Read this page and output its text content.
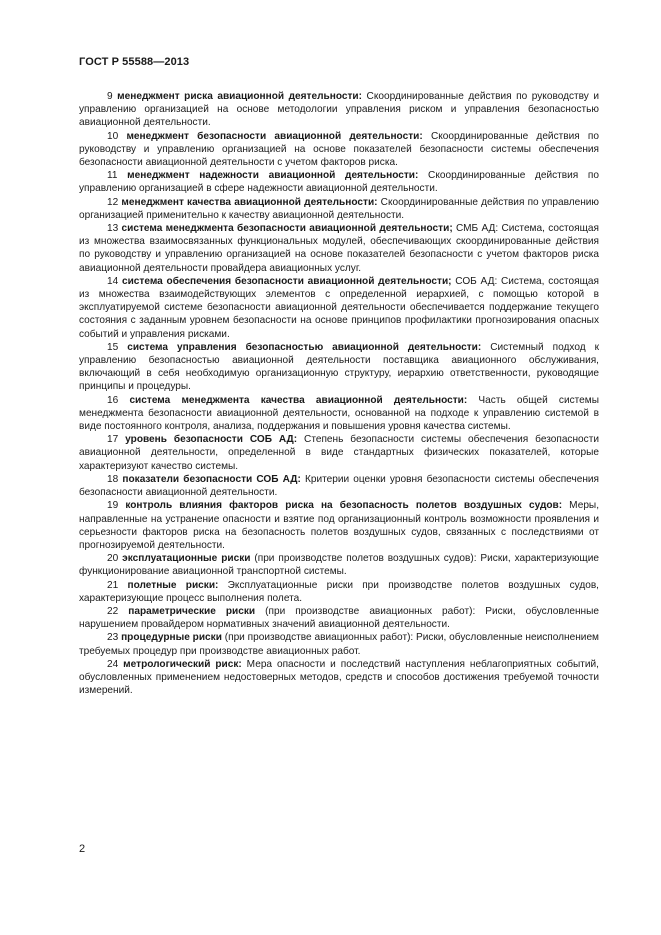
ГОСТ Р 55588—2013

9 менеджмент риска авиационной деятельности: Скоординированные действия по руководству и управлению организацией на основе методологии управления риском и управления безопасностью авиационной деятельности.

10 менеджмент безопасности авиационной деятельности: Скоординированные действия по руководству и управлению организацией на основе показателей безопасности системы обеспечения безопасности авиационной деятельности с учетом факторов риска.

11 менеджмент надежности авиационной деятельности: Скоординированные действия по управлению организацией в сфере надежности авиационной деятельности.

12 менеджмент качества авиационной деятельности: Скоординированные действия по управлению организацией применительно к качеству авиационной деятельности.

13 система менеджмента безопасности авиационной деятельности; СМБ АД: Система, состоящая из множества взаимосвязанных функциональных модулей, обеспечивающих скоординированные действия по руководству и управлению организацией на основе показателей безопасности с учетом факторов риска авиационной деятельности провайдера авиационных услуг.

14 система обеспечения безопасности авиационной деятельности; СОБ АД: Система, состоящая из множества взаимодействующих элементов с определенной иерархией, с помощью которой в эксплуатируемой системе безопасности авиационной деятельности обеспечивается поддержание текущего состояния с заданным уровнем безопасности на основе принципов профилактики прогнозирования опасных событий и управления рисками.

15 система управления безопасностью авиационной деятельности: Системный подход к управлению безопасностью авиационной деятельности поставщика авиационного обслуживания, включающий в себя необходимую организационную структуру, иерархию ответственности, руководящие принципы и процедуры.

16 система менеджмента качества авиационной деятельности: Часть общей системы менеджмента безопасности авиационной деятельности, основанной на подходе к управлению системой в виде постоянного контроля, анализа, поддержания и повышения уровня качества системы.

17 уровень безопасности СОБ АД: Степень безопасности системы обеспечения безопасности авиационной деятельности, определенной в виде стандартных физических показателей, которые характеризуют качество системы.

18 показатели безопасности СОБ АД: Критерии оценки уровня безопасности системы обеспечения безопасности авиационной деятельности.

19 контроль влияния факторов риска на безопасность полетов воздушных судов: Меры, направленные на устранение опасности и взятие под организационный контроль возможности проявления и серьезности факторов риска на безопасность полетов воздушных судов, связанных с последствиями от прогнозируемой деятельности.

20 эксплуатационные риски (при производстве полетов воздушных судов): Риски, характеризующие функционирование авиационной транспортной системы.

21 полетные риски: Эксплуатационные риски при производстве полетов воздушных судов, характеризующие процесс выполнения полета.

22 параметрические риски (при производстве авиационных работ): Риски, обусловленные нарушением провайдером нормативных значений авиационной деятельности.

23 процедурные риски (при производстве авиационных работ): Риски, обусловленные неисполнением требуемых процедур при производстве авиационных работ.

24 метрологический риск: Мера опасности и последствий наступления неблагоприятных событий, обусловленных применением недостоверных методов, средств и способов достижения требуемой точности измерений.

2
